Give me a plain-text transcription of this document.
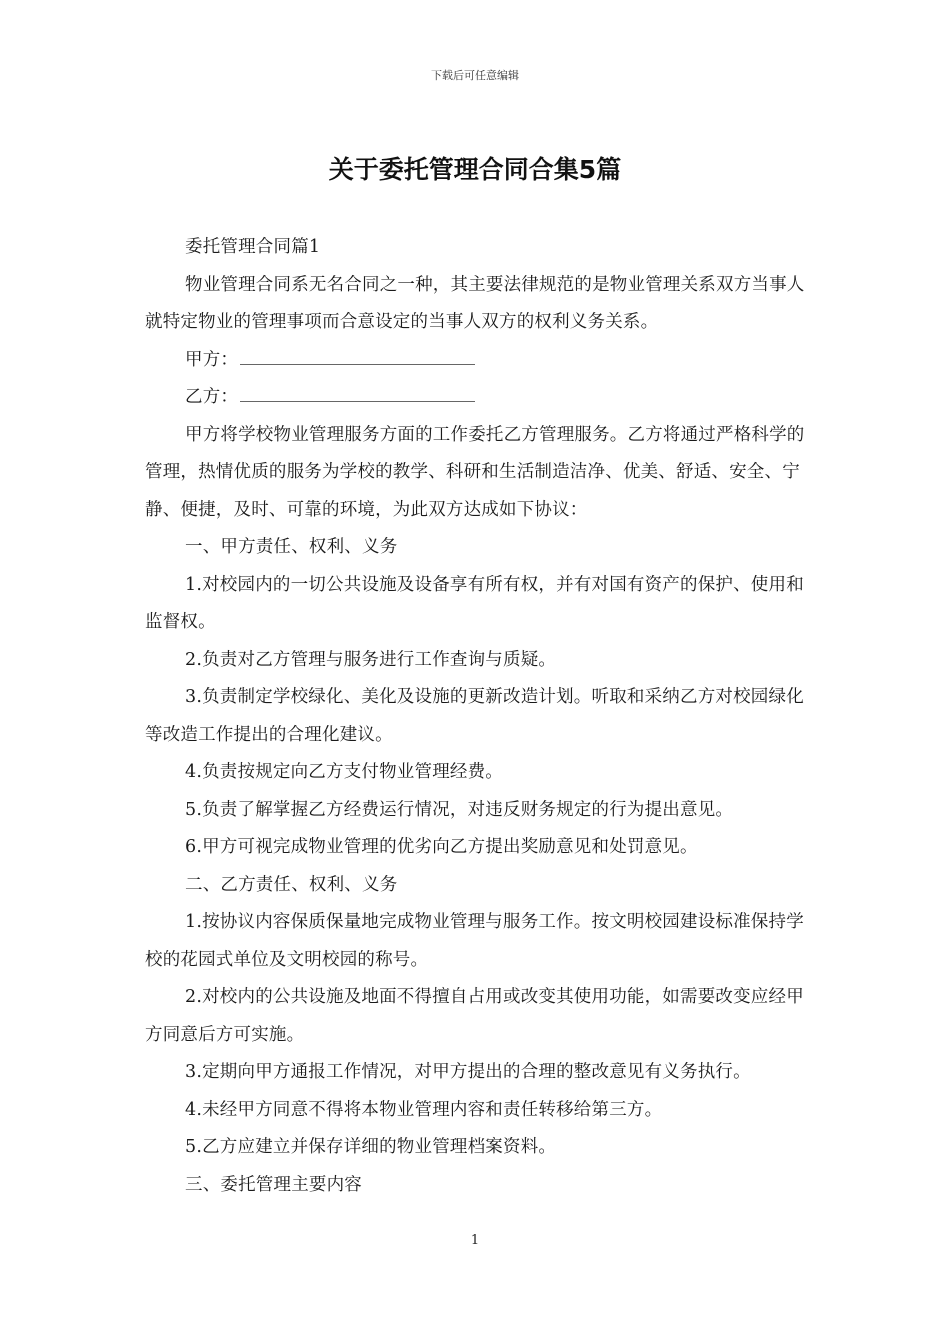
下载后可任意编辑
关于委托管理合同合集5篇

委托管理合同篇1

物业管理合同系无名合同之一种，其主要法律规范的是物业管理关系双方当事人就特定物业的管理事项而合意设定的当事人双方的权利义务关系。

甲方：

乙方：

甲方将学校物业管理服务方面的工作委托乙方管理服务。乙方将通过严格科学的管理，热情优质的服务为学校的教学、科研和生活制造洁净、优美、舒适、安全、宁静、便捷，及时、可靠的环境，为此双方达成如下协议：

一、甲方责任、权利、义务

1.对校园内的一切公共设施及设备享有所有权，并有对国有资产的保护、使用和监督权。

2.负责对乙方管理与服务进行工作查询与质疑。

3.负责制定学校绿化、美化及设施的更新改造计划。听取和采纳乙方对校园绿化等改造工作提出的合理化建议。

4.负责按规定向乙方支付物业管理经费。

5.负责了解掌握乙方经费运行情况，对违反财务规定的行为提出意见。

6.甲方可视完成物业管理的优劣向乙方提出奖励意见和处罚意见。

二、乙方责任、权利、义务

1.按协议内容保质保量地完成物业管理与服务工作。按文明校园建设标准保持学校的花园式单位及文明校园的称号。

2.对校内的公共设施及地面不得擅自占用或改变其使用功能，如需要改变应经甲方同意后方可实施。

3.定期向甲方通报工作情况，对甲方提出的合理的整改意见有义务执行。

4.未经甲方同意不得将本物业管理内容和责任转移给第三方。

5.乙方应建立并保存详细的物业管理档案资料。

三、委托管理主要内容

1
